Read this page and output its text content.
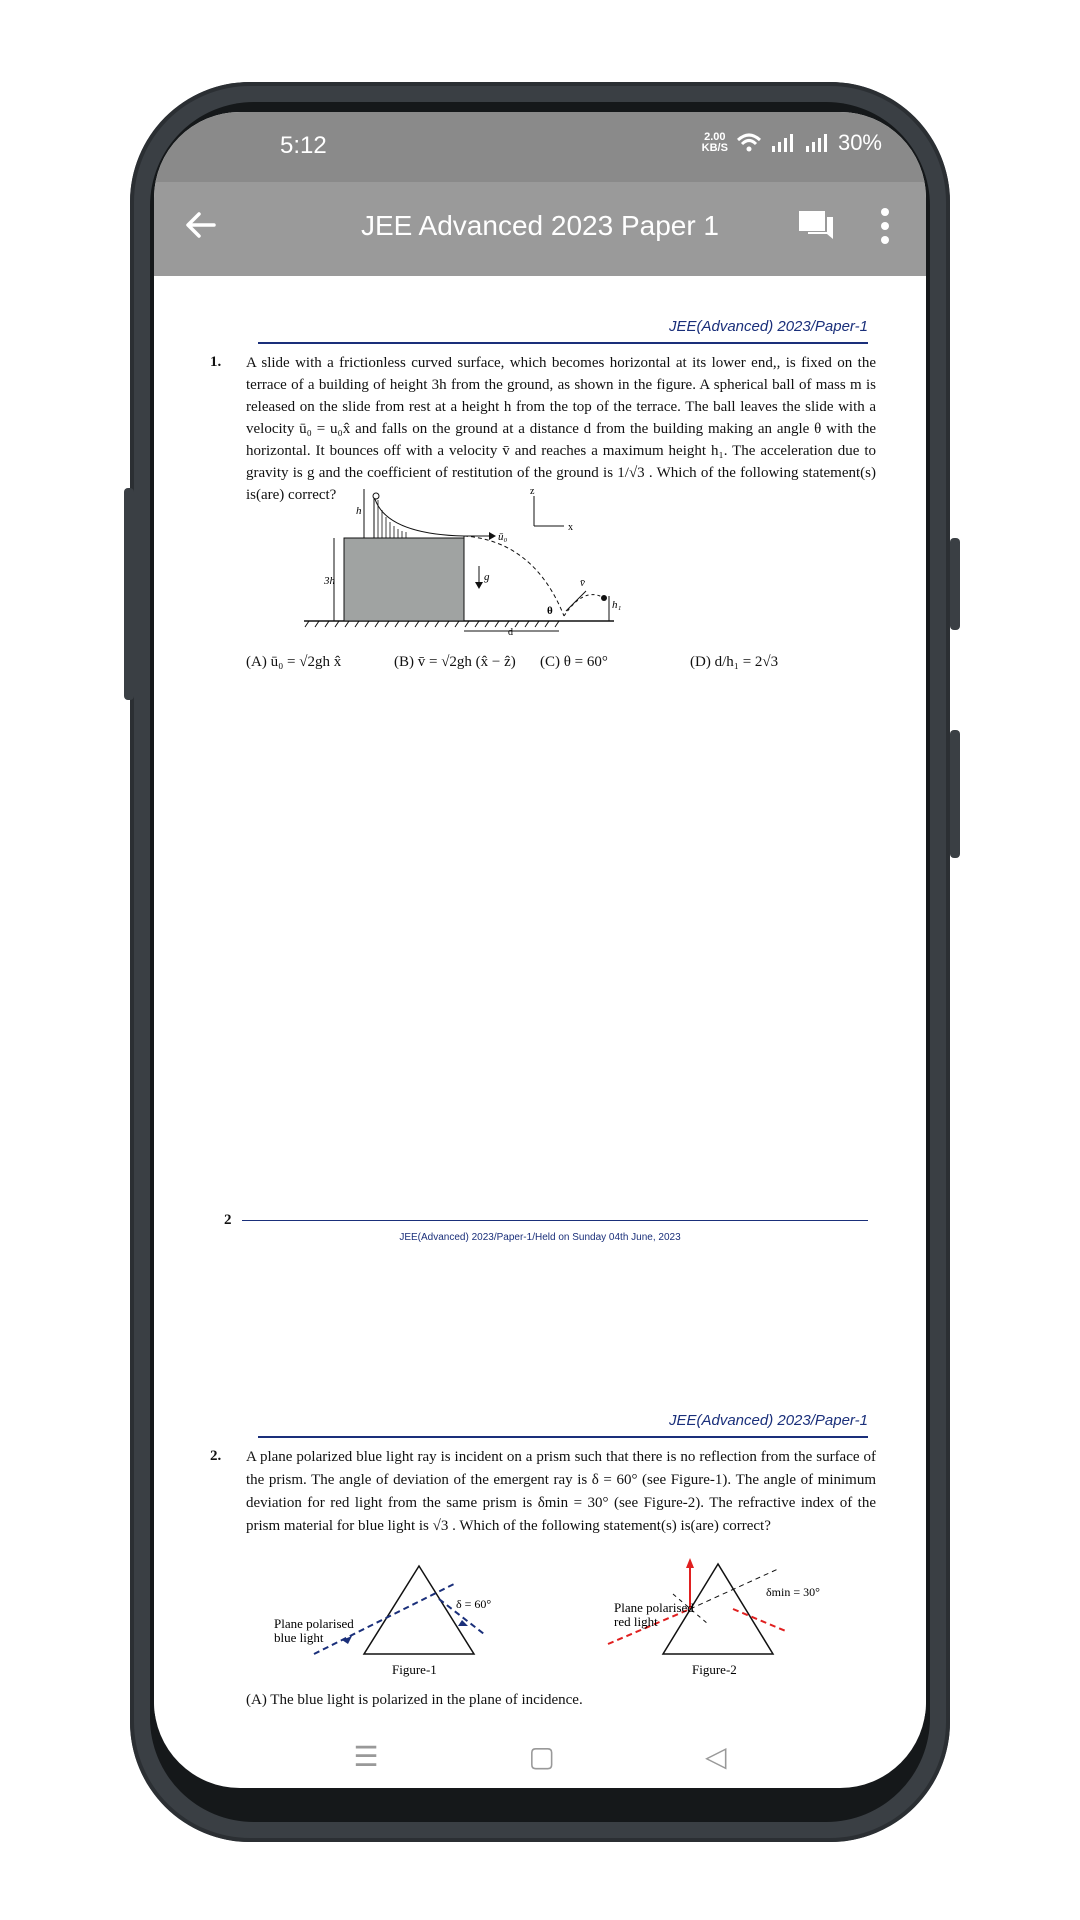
5:12	2.00
KB/S	30%
JEE Advanced 2023 Paper 1
JEE(Advanced) 2023/Paper-1
1. A slide with a frictionless curved surface, which becomes horizontal at its lower end,, is fixed on the terrace of a building of height 3h from the ground, as shown in the figure. A spherical ball of mass m is released on the slide from rest at a height h from the top of the terrace. The ball leaves the slide with a velocity ū₀ = u₀x̂ and falls on the ground at a distance d from the building making an angle θ with the horizontal. It bounces off with a velocity v̄ and reaches a maximum height h₁. The acceleration due to gravity is g and the coefficient of restitution of the ground is 1/√3 . Which of the following statement(s) is(are) correct?
h
3h
ū₀
g
z
x
v̄
h₁
θ
d
(A) ū₀ = √2gh x̂	(B) v̄ = √2gh (x̂ − ẑ) (C) θ = 60°	(D) d/h₁ = 2√3
2
JEE(Advanced) 2023/Paper-1/Held on Sunday 04th June, 2023
JEE(Advanced) 2023/Paper-1
2. A plane polarized blue light ray is incident on a prism such that there is no reflection from the surface of the prism. The angle of deviation of the emergent ray is δ = 60° (see Figure-1). The angle of minimum deviation for red light from the same prism is δmin = 30° (see Figure-2). The refractive index of the prism material for blue light is √3 . Which of the following statement(s) is(are) correct?
Plane polarised
blue light
δ = 60°
Figure-1
Plane polarised
red light
δmin = 30°
Figure-2
(A) The blue light is polarized in the plane of incidence.
☰	▢	◁
